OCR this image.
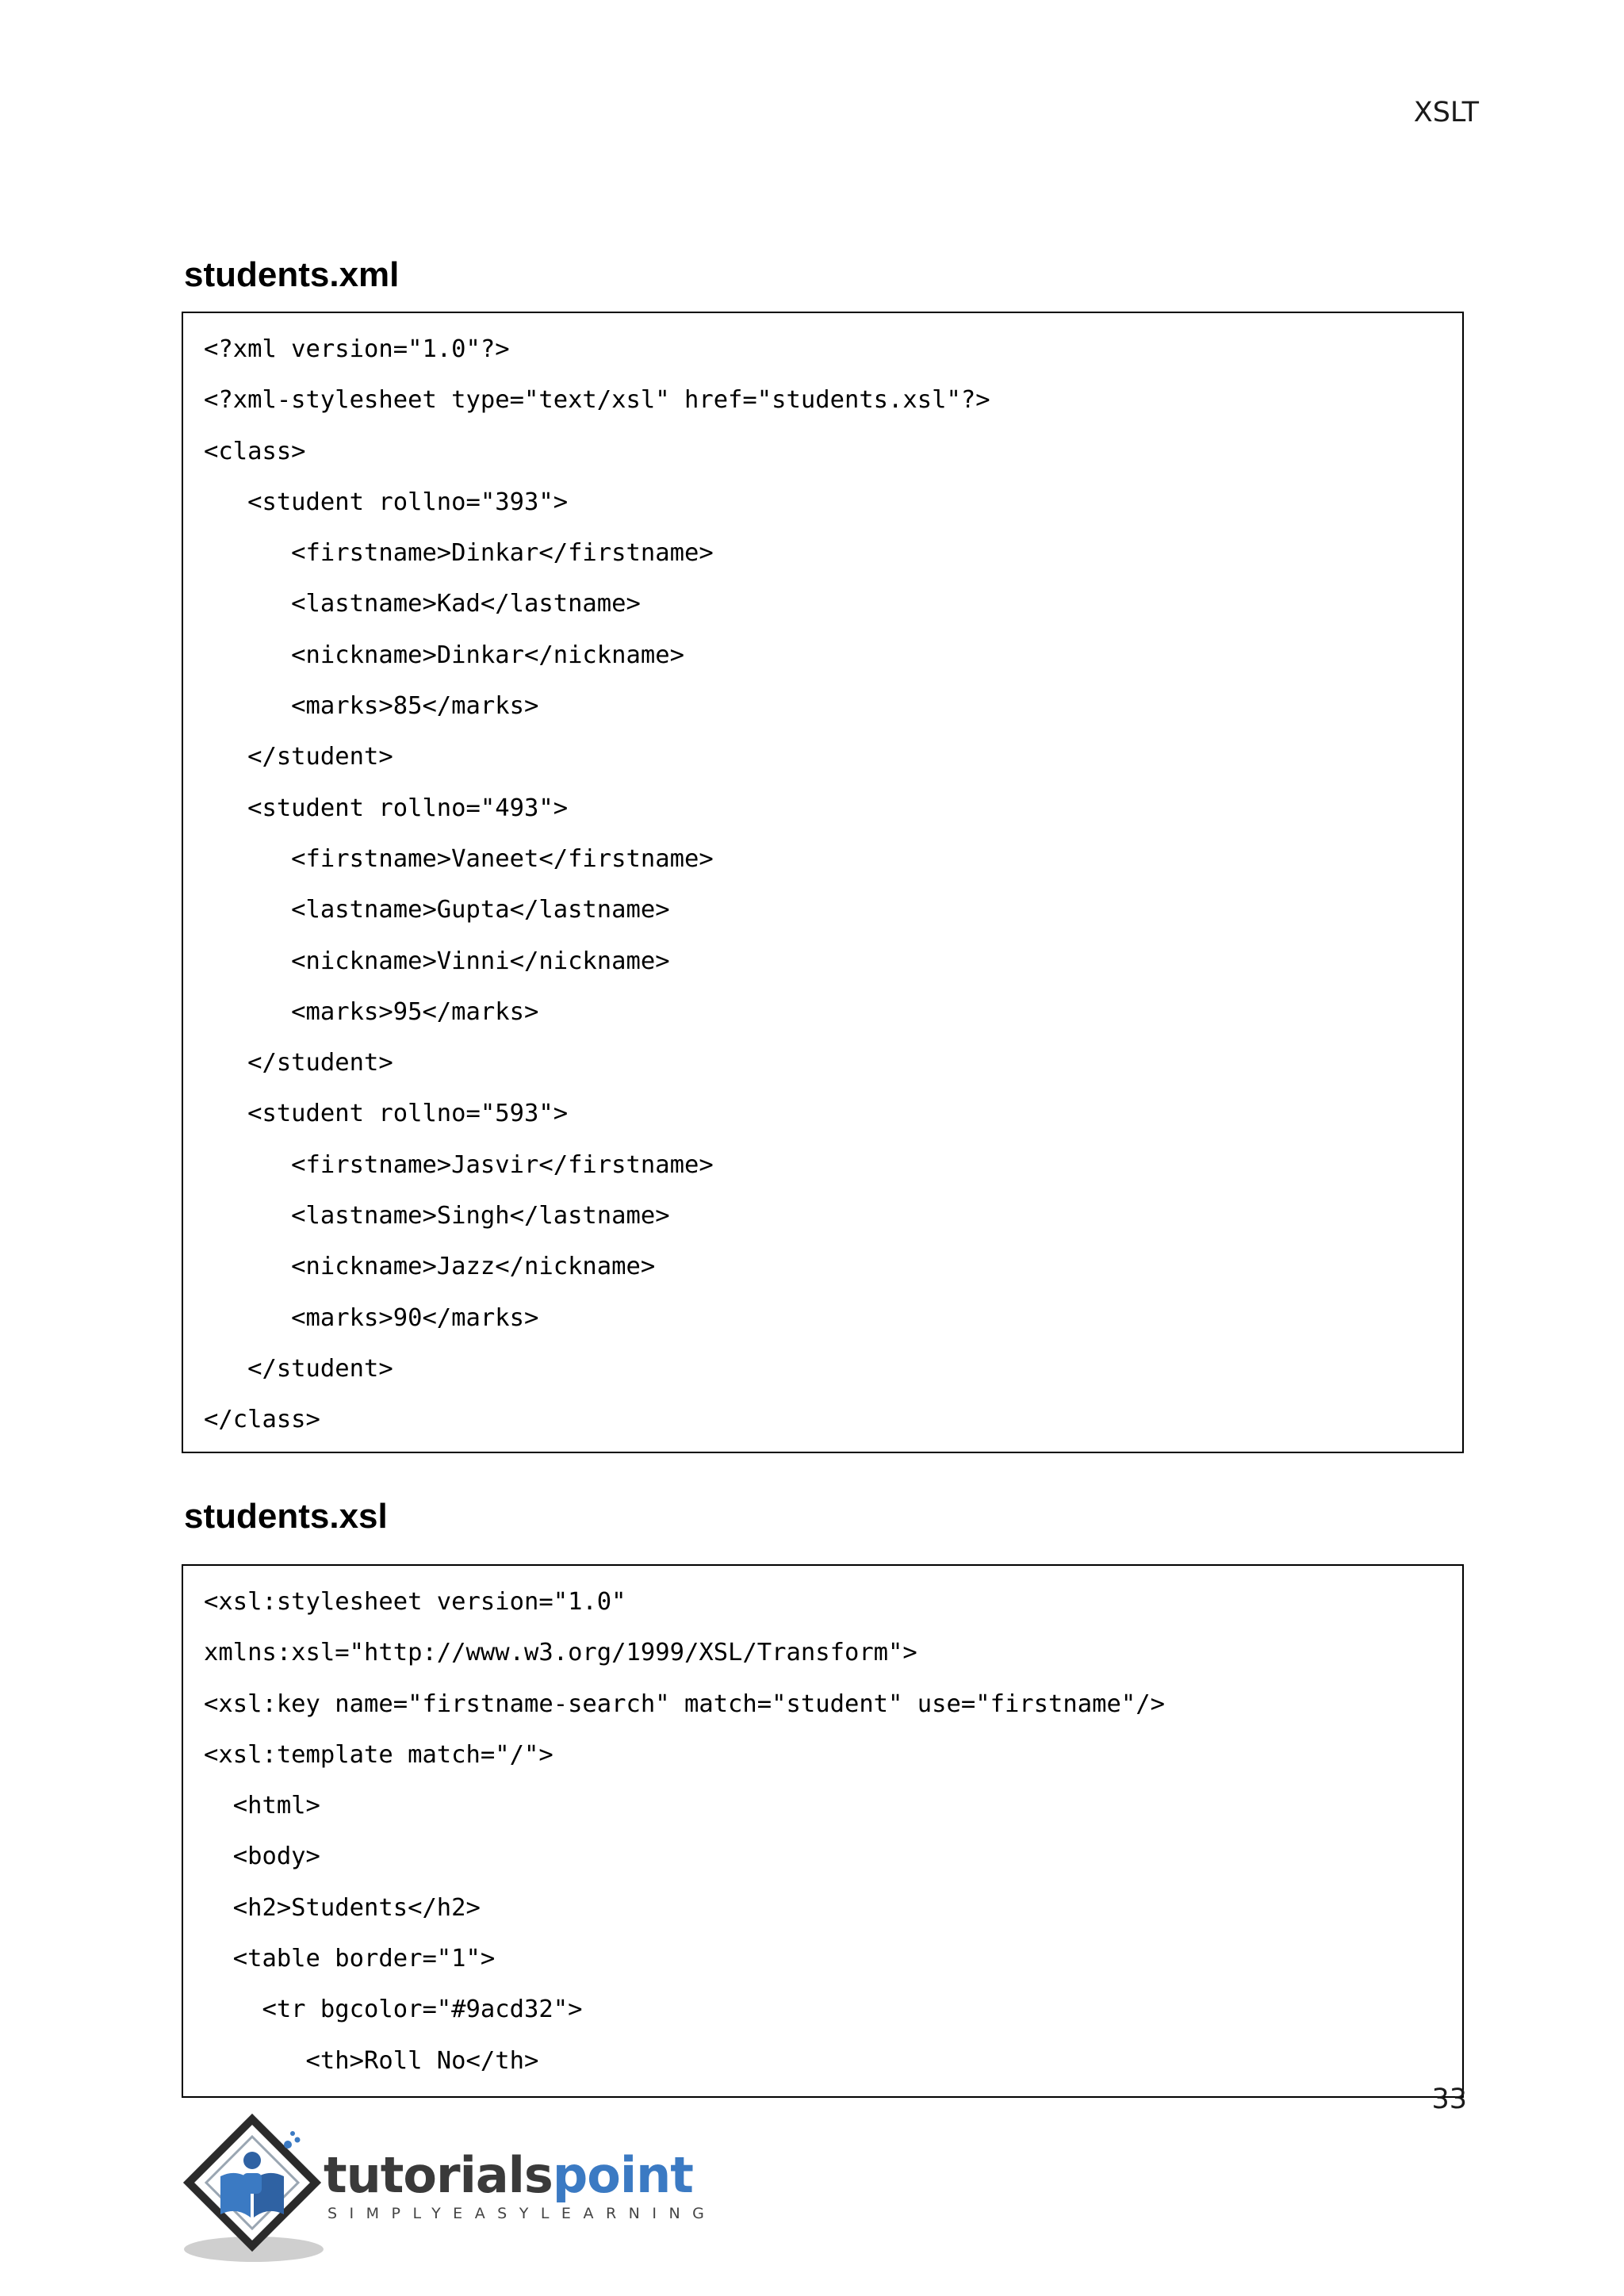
XSLT
students.xml
<?xml version="1.0"?>
<?xml-stylesheet type="text/xsl" href="students.xsl"?>
<class>
<student rollno="393">
<firstname>Dinkar</firstname>
<lastname>Kad</lastname>
<nickname>Dinkar</nickname>
<marks>85</marks>
</student>
<student rollno="493">
<firstname>Vaneet</firstname>
<lastname>Gupta</lastname>
<nickname>Vinni</nickname>
<marks>95</marks>
</student>
<student rollno="593">
<firstname>Jasvir</firstname>
<lastname>Singh</lastname>
<nickname>Jazz</nickname>
<marks>90</marks>
</student>
</class>
students.xsl
<xsl:stylesheet version="1.0"
xmlns:xsl="http://www.w3.org/1999/XSL/Transform">
<xsl:key name="firstname-search" match="student" use="firstname"/>
<xsl:template match="/">
<html>
<body>
<h2>Students</h2>
<table border="1">
<tr bgcolor="#9acd32">
<th>Roll No</th>
33
tutorialspoint
SIMPLYEASYLEARNING
